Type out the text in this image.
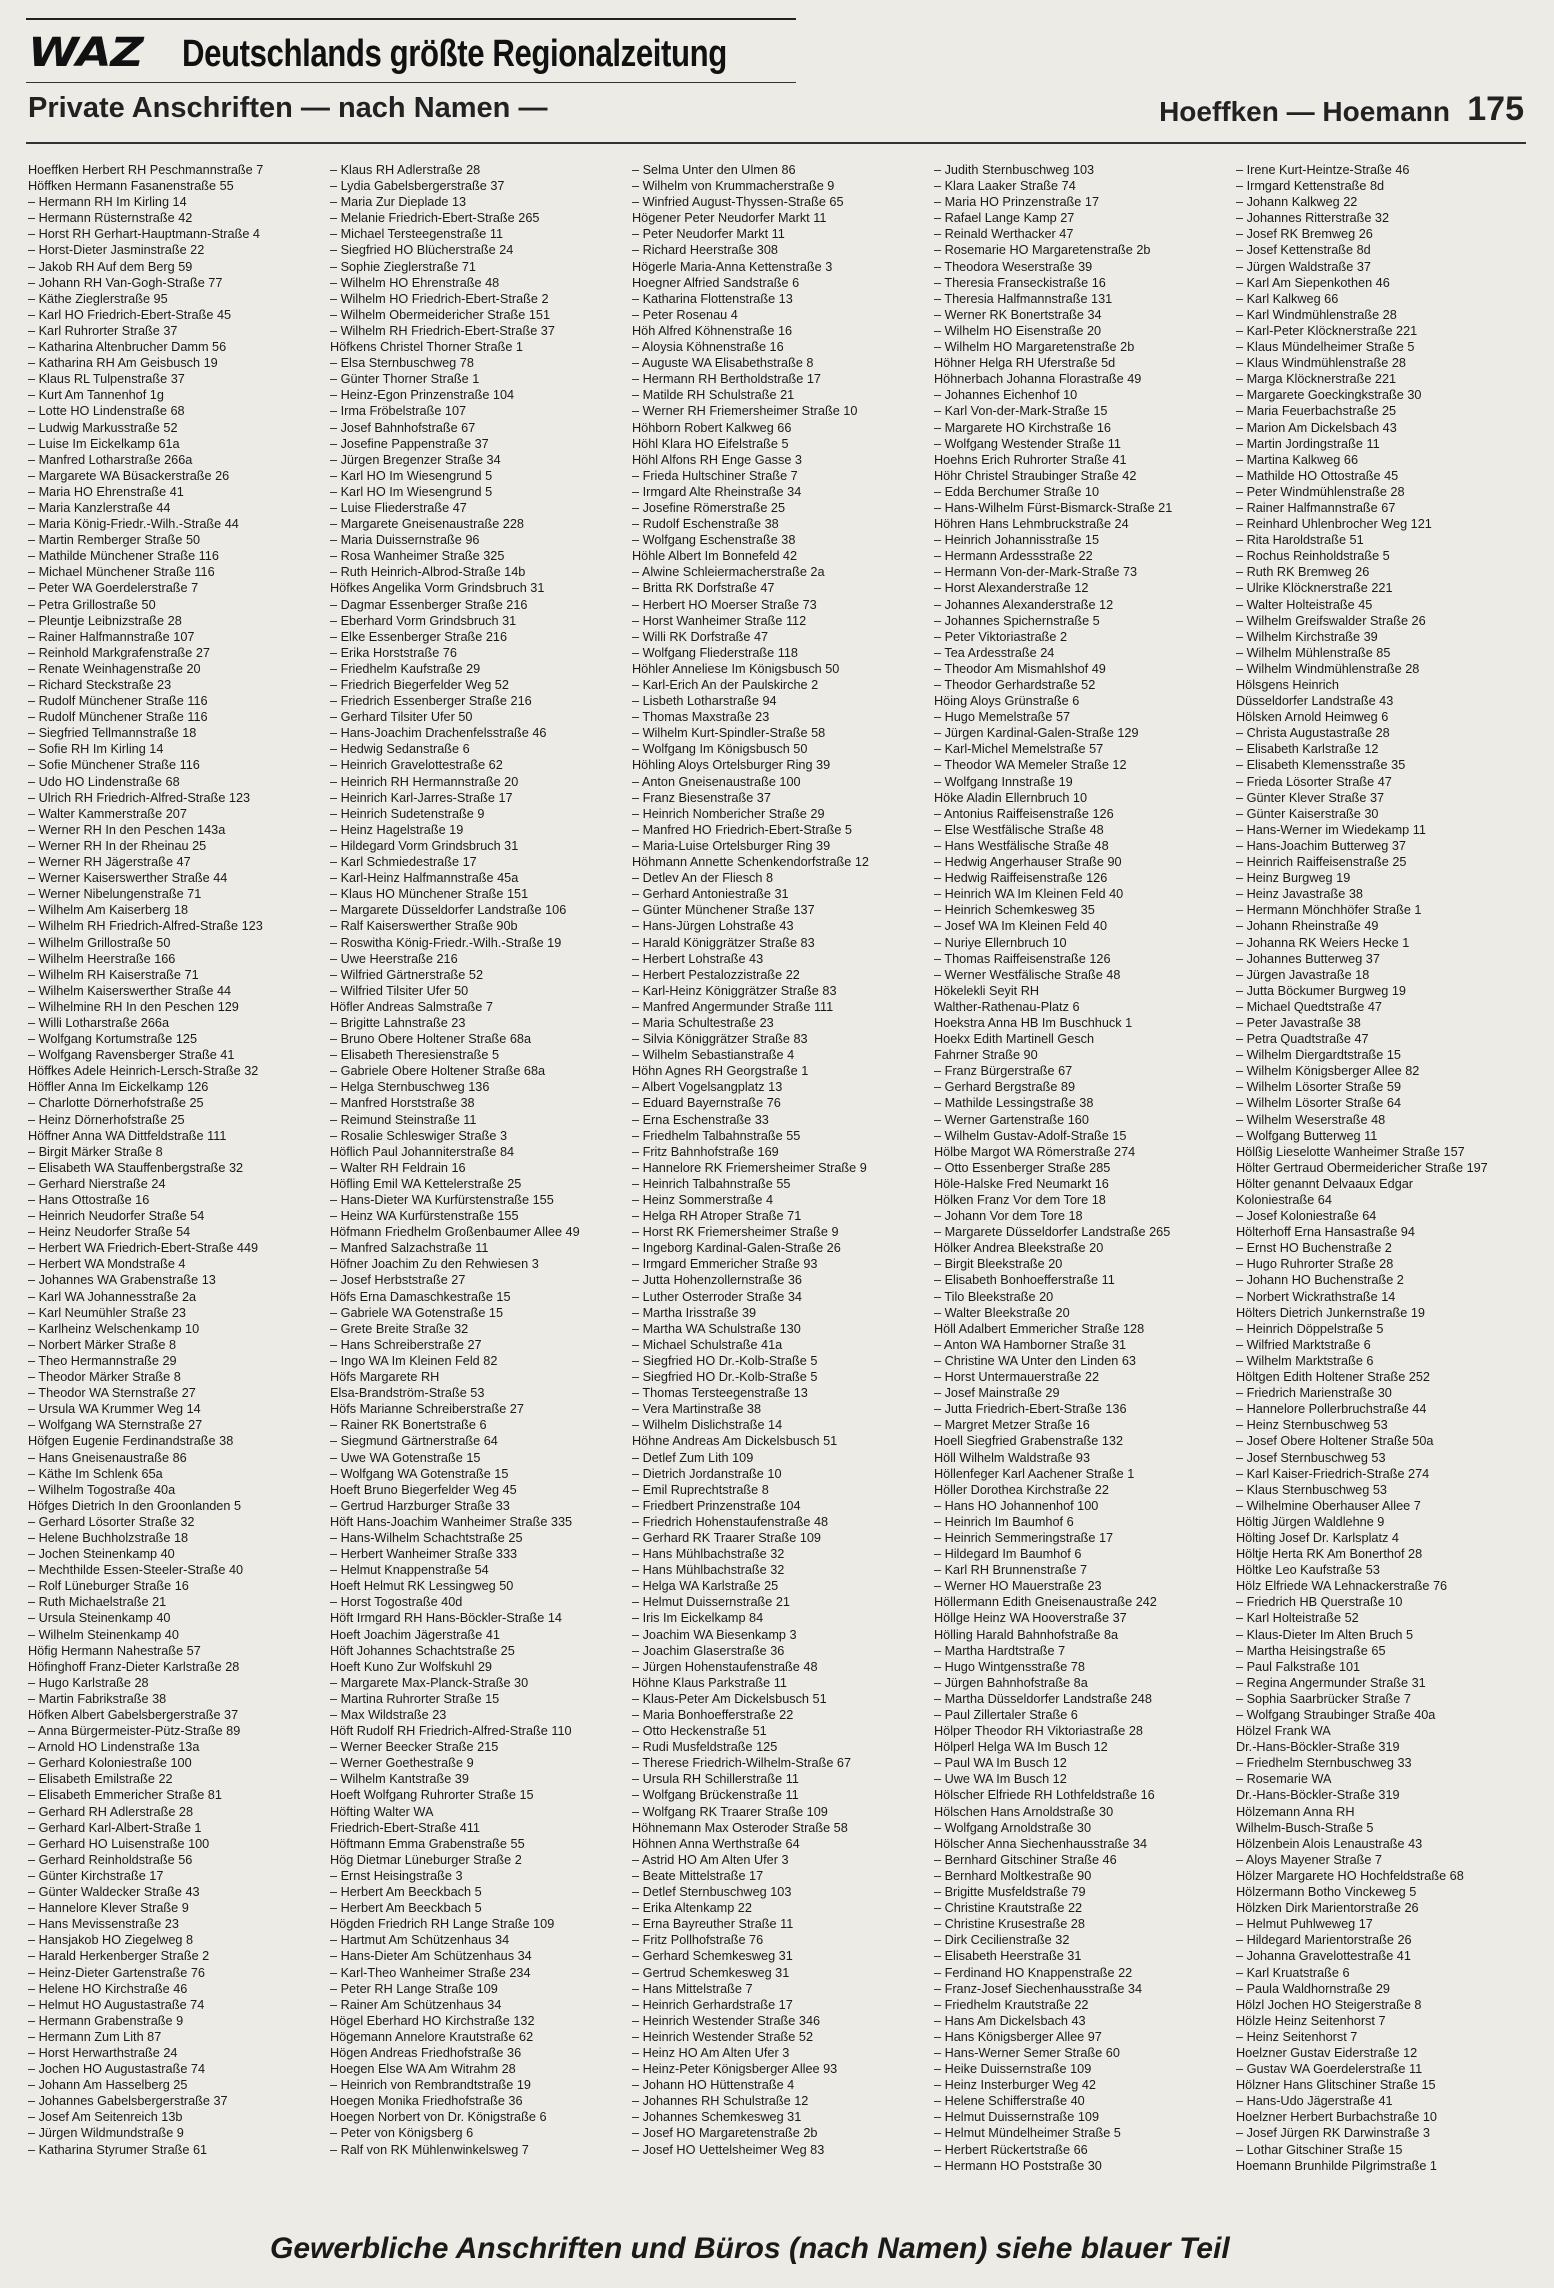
WAZ Deutschlands größte Regionalzeitung
Private Anschriften — nach Namen —	Hoeffken — Hoemann 175
Hoeffken Herbert RH Peschmannstraße 7
Höffken Hermann Fasanenstraße 55
– Hermann RH Im Kirling 14
– Hermann Rüsternstraße 42
– Horst RH Gerhart-Hauptmann-Straße 4
– Horst-Dieter Jasminstraße 22
– Jakob RH Auf dem Berg 59
– Johann RH Van-Gogh-Straße 77
– Käthe Zieglerstraße 95
– Karl HO Friedrich-Ebert-Straße 45
– Karl Ruhrorter Straße 37
– Katharina Altenbrucher Damm 56
– Katharina RH Am Geisbusch 19
– Klaus RL Tulpenstraße 37
– Kurt Am Tannenhof 1g
– Lotte HO Lindenstraße 68
– Ludwig Markusstraße 52
– Luise Im Eickelkamp 61a
– Manfred Lotharstraße 266a
– Margarete WA Büsackerstraße 26
– Maria HO Ehrenstraße 41
– Maria Kanzlerstraße 44
– Maria König-Friedr.-Wilh.-Straße 44
– Martin Remberger Straße 50
– Mathilde Münchener Straße 116
– Michael Münchener Straße 116
– Peter WA Goerdelerstraße 7
– Petra Grillostraße 50
– Pleuntje Leibnizstraße 28
– Rainer Halfmannstraße 107
– Reinhold Markgrafenstraße 27
– Renate Weinhagenstraße 20
– Richard Steckstraße 23
– Rudolf Münchener Straße 116
– Rudolf Münchener Straße 116
– Siegfried Tellmannstraße 18
– Sofie RH Im Kirling 14
– Sofie Münchener Straße 116
– Udo HO Lindenstraße 68
– Ulrich RH Friedrich-Alfred-Straße 123
– Walter Kammerstraße 207
– Werner RH In den Peschen 143a
– Werner RH In der Rheinau 25
– Werner RH Jägerstraße 47
– Werner Kaiserswerther Straße 44
– Werner Nibelungenstraße 71
– Wilhelm Am Kaiserberg 18
– Wilhelm RH Friedrich-Alfred-Straße 123
– Wilhelm Grillostraße 50
– Wilhelm Heerstraße 166
– Wilhelm RH Kaiserstraße 71
– Wilhelm Kaiserswerther Straße 44
– Wilhelmine RH In den Peschen 129
– Willi Lotharstraße 266a
– Wolfgang Kortumstraße 125
– Wolfgang Ravensberger Straße 41
Höffkes Adele Heinrich-Lersch-Straße 32
Höffler Anna Im Eickelkamp 126
– Charlotte Dörnerhofstraße 25
– Heinz Dörnerhofstraße 25
Höffner Anna WA Dittfeldstraße 111
– Birgit Märker Straße 8
– Elisabeth WA Stauffenbergstraße 32
– Gerhard Nierstraße 24
– Hans Ottostraße 16
– Heinrich Neudorfer Straße 54
– Heinz Neudorfer Straße 54
– Herbert WA Friedrich-Ebert-Straße 449
– Herbert WA Mondstraße 4
– Johannes WA Grabenstraße 13
– Karl WA Johannesstraße 2a
– Karl Neumühler Straße 23
– Karlheinz Welschenkamp 10
– Norbert Märker Straße 8
– Theo Hermannstraße 29
– Theodor Märker Straße 8
– Theodor WA Sternstraße 27
– Ursula WA Krummer Weg 14
– Wolfgang WA Sternstraße 27
Höfgen Eugenie Ferdinandstraße 38
– Hans Gneisenaustraße 86
– Käthe Im Schlenk 65a
– Wilhelm Togostraße 40a
Höfges Dietrich In den Groonlanden 5
– Gerhard Lösorter Straße 32
– Helene Buchholzstraße 18
– Jochen Steinenkamp 40
– Mechthilde Essen-Steeler-Straße 40
– Rolf Lüneburger Straße 16
– Ruth Michaelstraße 21
– Ursula Steinenkamp 40
– Wilhelm Steinenkamp 40
Höfig Hermann Nahestraße 57
Höfinghoff Franz-Dieter Karlstraße 28
– Hugo Karlstraße 28
– Martin Fabrikstraße 38
Höfken Albert Gabelsbergerstraße 37
– Anna Bürgermeister-Pütz-Straße 89
– Arnold HO Lindenstraße 13a
– Gerhard Koloniestraße 100
– Elisabeth Emilstraße 22
– Elisabeth Emmericher Straße 81
– Gerhard RH Adlerstraße 28
– Gerhard Karl-Albert-Straße 1
– Gerhard HO Luisenstraße 100
– Gerhard Reinholdstraße 56
– Günter Kirchstraße 17
– Günter Waldecker Straße 43
– Hannelore Klever Straße 9
– Hans Mevissenstraße 23
– Hansjakob HO Ziegelweg 8
– Harald Herkenberger Straße 2
– Heinz-Dieter Gartenstraße 76
– Helene HO Kirchstraße 46
– Helmut HO Augustastraße 74
– Hermann Grabenstraße 9
– Hermann Zum Lith 87
– Horst Herwarthstraße 24
– Jochen HO Augustastraße 74
– Johann Am Hasselberg 25
– Johannes Gabelsbergerstraße 37
– Josef Am Seitenreich 13b
– Jürgen Wildmundstraße 9
– Katharina Styrumer Straße 61
– Klaus RH Adlerstraße 28
– Lydia Gabelsbergerstraße 37
– Maria Zur Dieplade 13
– Melanie Friedrich-Ebert-Straße 265
– Michael Tersteegenstraße 11
– Siegfried HO Blücherstraße 24
– Sophie Zieglerstraße 71
– Wilhelm HO Ehrenstraße 48
– Wilhelm HO Friedrich-Ebert-Straße 2
– Wilhelm Obermeidericher Straße 151
– Wilhelm RH Friedrich-Ebert-Straße 37
Höfkens Christel Thorner Straße 1
– Elsa Sternbuschweg 78
– Günter Thorner Straße 1
– Heinz-Egon Prinzenstraße 104
– Irma Fröbelstraße 107
– Josef Bahnhofstraße 67
– Josefine Pappenstraße 37
– Jürgen Bregenzer Straße 34
– Karl HO Im Wiesengrund 5
– Karl HO Im Wiesengrund 5
– Luise Fliederstraße 47
– Margarete Gneisenaustraße 228
– Maria Duissernstraße 96
– Rosa Wanheimer Straße 325
– Ruth Heinrich-Albrod-Straße 14b
Höfkes Angelika Vorm Grindsbruch 31
– Dagmar Essenberger Straße 216
– Eberhard Vorm Grindsbruch 31
– Elke Essenberger Straße 216
– Erika Horststraße 76
– Friedhelm Kaufstraße 29
– Friedrich Biegerfelder Weg 52
– Friedrich Essenberger Straße 216
– Gerhard Tilsiter Ufer 50
– Hans-Joachim Drachenfelsstraße 46
– Hedwig Sedanstraße 6
– Heinrich Gravelottestraße 62
– Heinrich RH Hermannstraße 20
– Heinrich Karl-Jarres-Straße 17
– Heinrich Sudetenstraße 9
– Heinz Hagelstraße 19
– Hildegard Vorm Grindsbruch 31
– Karl Schmiedestraße 17
– Karl-Heinz Halfmannstraße 45a
– Klaus HO Münchener Straße 151
– Margarete Düsseldorfer Landstraße 106
– Ralf Kaiserswerther Straße 90b
– Roswitha König-Friedr.-Wilh.-Straße 19
– Uwe Heerstraße 216
– Wilfried Gärtnerstraße 52
– Wilfried Tilsiter Ufer 50
Höfler Andreas Salmstraße 7
– Brigitte Lahnstraße 23
– Bruno Obere Holtener Straße 68a
– Elisabeth Theresienstraße 5
– Gabriele Obere Holtener Straße 68a
– Helga Sternbuschweg 136
– Manfred Horststraße 38
– Reimund Steinstraße 11
– Rosalie Schleswiger Straße 3
Höflich Paul Johanniterstraße 84
– Walter RH Feldrain 16
Höfling Emil WA Kettelerstraße 25
– Hans-Dieter WA Kurfürstenstraße 155
– Heinz WA Kurfürstenstraße 155
Höfmann Friedhelm Großenbaumer Allee 49
– Manfred Salzachstraße 11
Höfner Joachim Zu den Rehwiesen 3
– Josef Herbststraße 27
Höfs Erna Damaschkestraße 15
– Gabriele WA Gotenstraße 15
– Grete Breite Straße 32
– Hans Schreiberstraße 27
– Ingo WA Im Kleinen Feld 82
Höfs Margarete RH
Elsa-Brandström-Straße 53
Höfs Marianne Schreiberstraße 27
– Rainer RK Bonertstraße 6
– Siegmund Gärtnerstraße 64
– Uwe WA Gotenstraße 15
– Wolfgang WA Gotenstraße 15
Hoeft Bruno Biegerfelder Weg 45
– Gertrud Harzburger Straße 33
Höft Hans-Joachim Wanheimer Straße 335
– Hans-Wilhelm Schachtstraße 25
– Herbert Wanheimer Straße 333
– Helmut Knappenstraße 54
Hoeft Helmut RK Lessingweg 50
– Horst Togostraße 40d
Höft Irmgard RH Hans-Böckler-Straße 14
Hoeft Joachim Jägerstraße 41
Höft Johannes Schachtstraße 25
Hoeft Kuno Zur Wolfskuhl 29
– Margarete Max-Planck-Straße 30
– Martina Ruhrorter Straße 15
– Max Wildstraße 23
Höft Rudolf RH Friedrich-Alfred-Straße 110
– Werner Beecker Straße 215
– Werner Goethestraße 9
– Wilhelm Kantstraße 39
Hoeft Wolfgang Ruhrorter Straße 15
Höfting Walter WA
Friedrich-Ebert-Straße 411
Höftmann Emma Grabenstraße 55
Hög Dietmar Lüneburger Straße 2
– Ernst Heisingstraße 3
– Herbert Am Beeckbach 5
– Herbert Am Beeckbach 5
Högden Friedrich RH Lange Straße 109
– Hartmut Am Schützenhaus 34
– Hans-Dieter Am Schützenhaus 34
– Karl-Theo Wanheimer Straße 234
– Peter RH Lange Straße 109
– Rainer Am Schützenhaus 34
Högel Eberhard HO Kirchstraße 132
Högemann Annelore Krautstraße 62
Högen Andreas Friedhofstraße 36
Hoegen Else WA Am Witrahm 28
– Heinrich von Rembrandtstraße 19
Hoegen Monika Friedhofstraße 36
Hoegen Norbert von Dr. Königstraße 6
– Peter von Königsberg 6
– Ralf von RK Mühlenwinkelsweg 7
– Selma Unter den Ulmen 86
– Wilhelm von Krummacherstraße 9
– Winfried August-Thyssen-Straße 65
Högener Peter Neudorfer Markt 11
– Peter Neudorfer Markt 11
– Richard Heerstraße 308
Högerle Maria-Anna Kettenstraße 3
Hoegner Alfried Sandstraße 6
– Katharina Flottenstraße 13
– Peter Rosenau 4
Höh Alfred Köhnenstraße 16
– Aloysia Köhnenstraße 16
– Auguste WA Elisabethstraße 8
– Hermann RH Bertholdstraße 17
– Matilde RH Schulstraße 21
– Werner RH Friemersheimer Straße 10
Höhborn Robert Kalkweg 66
Höhl Klara HO Eifelstraße 5
Höhl Alfons RH Enge Gasse 3
– Frieda Hultschiner Straße 7
– Irmgard Alte Rheinstraße 34
– Josefine Römerstraße 25
– Rudolf Eschenstraße 38
– Wolfgang Eschenstraße 38
Höhle Albert Im Bonnefeld 42
– Alwine Schleiermacherstraße 2a
– Britta RK Dorfstraße 47
– Herbert HO Moerser Straße 73
– Horst Wanheimer Straße 112
– Willi RK Dorfstraße 47
– Wolfgang Fliederstraße 118
Höhler Anneliese Im Königsbusch 50
– Karl-Erich An der Paulskirche 2
– Lisbeth Lotharstraße 94
– Thomas Maxstraße 23
– Wilhelm Kurt-Spindler-Straße 58
– Wolfgang Im Königsbusch 50
Höhling Aloys Ortelsburger Ring 39
– Anton Gneisenaustraße 100
– Franz Biesenstraße 37
– Heinrich Nombericher Straße 29
– Manfred HO Friedrich-Ebert-Straße 5
– Maria-Luise Ortelsburger Ring 39
Höhmann Annette Schenkendorfstraße 12
– Detlev An der Fliesch 8
– Gerhard Antoniestraße 31
– Günter Münchener Straße 137
– Hans-Jürgen Lohstraße 43
– Harald Königgrätzer Straße 83
– Herbert Lohstraße 43
– Herbert Pestalozzistraße 22
– Karl-Heinz Königgrätzer Straße 83
– Manfred Angermunder Straße 111
– Maria Schultestraße 23
– Silvia Königgrätzer Straße 83
– Wilhelm Sebastianstraße 4
Höhn Agnes RH Georgstraße 1
– Albert Vogelsangplatz 13
– Eduard Bayernstraße 76
– Erna Eschenstraße 33
– Friedhelm Talbahnstraße 55
– Fritz Bahnhofstraße 169
– Hannelore RK Friemersheimer Straße 9
– Heinrich Talbahnstraße 55
– Heinz Sommerstraße 4
– Helga RH Atroper Straße 71
– Horst RK Friemersheimer Straße 9
– Ingeborg Kardinal-Galen-Straße 26
– Irmgard Emmericher Straße 93
– Jutta Hohenzollernstraße 36
– Luther Osterroder Straße 34
– Martha Irisstraße 39
– Martha WA Schulstraße 130
– Michael Schulstraße 41a
– Siegfried HO Dr.-Kolb-Straße 5
– Siegfried HO Dr.-Kolb-Straße 5
– Thomas Tersteegenstraße 13
– Vera Martinstraße 38
– Wilhelm Dislichstraße 14
Höhne Andreas Am Dickelsbusch 51
– Detlef Zum Lith 109
– Dietrich Jordanstraße 10
– Emil Ruprechtstraße 8
– Friedbert Prinzenstraße 104
– Friedrich Hohenstaufenstraße 48
– Gerhard RK Traarer Straße 109
– Hans Mühlbachstraße 32
– Hans Mühlbachstraße 32
– Helga WA Karlstraße 25
– Helmut Duissernstraße 21
– Iris Im Eickelkamp 84
– Joachim WA Biesenkamp 3
– Joachim Glaserstraße 36
– Jürgen Hohenstaufenstraße 48
Höhne Klaus Parkstraße 11
– Klaus-Peter Am Dickelsbusch 51
– Maria Bonhoefferstraße 22
– Otto Heckenstraße 51
– Rudi Musfeldstraße 125
– Therese Friedrich-Wilhelm-Straße 67
– Ursula RH Schillerstraße 11
– Wolfgang Brückenstraße 11
– Wolfgang RK Traarer Straße 109
Höhnemann Max Osteroder Straße 58
Höhnen Anna Werthstraße 64
– Astrid HO Am Alten Ufer 3
– Beate Mittelstraße 17
– Detlef Sternbuschweg 103
– Erika Altenkamp 22
– Erna Bayreuther Straße 11
– Fritz Pollhofstraße 76
– Gerhard Schemkesweg 31
– Gertrud Schemkesweg 31
– Hans Mittelstraße 7
– Heinrich Gerhardstraße 17
– Heinrich Westender Straße 346
– Heinrich Westender Straße 52
– Heinz HO Am Alten Ufer 3
– Heinz-Peter Königsberger Allee 93
– Johann HO Hüttenstraße 4
– Johannes RH Schulstraße 12
– Johannes Schemkesweg 31
– Josef HO Margaretenstraße 2b
– Josef HO Uettelsheimer Weg 83
– Judith Sternbuschweg 103
– Klara Laaker Straße 74
– Maria HO Prinzenstraße 17
– Rafael Lange Kamp 27
– Reinald Werthacker 47
– Rosemarie HO Margaretenstraße 2b
– Theodora Weserstraße 39
– Theresia Franseckistraße 16
– Theresia Halfmannstraße 131
– Werner RK Bonertstraße 34
– Wilhelm HO Eisenstraße 20
– Wilhelm HO Margaretenstraße 2b
Höhner Helga RH Uferstraße 5d
Höhnerbach Johanna Florastraße 49
– Johannes Eichenhof 10
– Karl Von-der-Mark-Straße 15
– Margarete HO Kirchstraße 16
– Wolfgang Westender Straße 11
Hoehns Erich Ruhrorter Straße 41
Höhr Christel Straubinger Straße 42
– Edda Berchumer Straße 10
– Hans-Wilhelm Fürst-Bismarck-Straße 21
Höhren Hans Lehmbruckstraße 24
– Heinrich Johannisstraße 15
– Hermann Ardessstraße 22
– Hermann Von-der-Mark-Straße 73
– Horst Alexanderstraße 12
– Johannes Alexanderstraße 12
– Johannes Spichernstraße 5
– Peter Viktoriastraße 2
– Tea Ardesstraße 24
– Theodor Am Mismahlshof 49
– Theodor Gerhardstraße 52
Höing Aloys Grünstraße 6
– Hugo Memelstraße 57
– Jürgen Kardinal-Galen-Straße 129
– Karl-Michel Memelstraße 57
– Theodor WA Memeler Straße 12
– Wolfgang Innstraße 19
Höke Aladin Ellernbruch 10
– Antonius Raiffeisenstraße 126
– Else Westfälische Straße 48
– Hans Westfälische Straße 48
– Hedwig Angerhauser Straße 90
– Hedwig Raiffeisenstraße 126
– Heinrich WA Im Kleinen Feld 40
– Heinrich Schemkesweg 35
– Josef WA Im Kleinen Feld 40
– Nuriye Ellernbruch 10
– Thomas Raiffeisenstraße 126
– Werner Westfälische Straße 48
Hökelekli Seyit RH
Walther-Rathenau-Platz 6
Hoekstra Anna HB Im Buschhuck 1
Hoekx Edith Martinell Gesch
Fahrner Straße 90
– Franz Bürgerstraße 67
– Gerhard Bergstraße 89
– Mathilde Lessingstraße 38
– Werner Gartenstraße 160
– Wilhelm Gustav-Adolf-Straße 15
Hölbe Margot WA Römerstraße 274
– Otto Essenberger Straße 285
Höle-Halske Fred Neumarkt 16
Hölken Franz Vor dem Tore 18
– Johann Vor dem Tore 18
– Margarete Düsseldorfer Landstraße 265
Hölker Andrea Bleekstraße 20
– Birgit Bleekstraße 20
– Elisabeth Bonhoefferstraße 11
– Tilo Bleekstraße 20
– Walter Bleekstraße 20
Höll Adalbert Emmericher Straße 128
– Anton WA Hamborner Straße 31
– Christine WA Unter den Linden 63
– Horst Untermauerstraße 22
– Josef Mainstraße 29
– Jutta Friedrich-Ebert-Straße 136
– Margret Metzer Straße 16
Hoell Siegfried Grabenstraße 132
Höll Wilhelm Waldstraße 93
Höllenfeger Karl Aachener Straße 1
Höller Dorothea Kirchstraße 22
– Hans HO Johannenhof 100
– Heinrich Im Baumhof 6
– Heinrich Semmeringstraße 17
– Hildegard Im Baumhof 6
– Karl RH Brunnenstraße 7
– Werner HO Mauerstraße 23
Höllermann Edith Gneisenaustraße 242
Höllge Heinz WA Hooverstraße 37
Hölling Harald Bahnhofstraße 8a
– Martha Hardtstraße 7
– Hugo Wintgensstraße 78
– Jürgen Bahnhofstraße 8a
– Martha Düsseldorfer Landstraße 248
– Paul Zillertaler Straße 6
Hölper Theodor RH Viktoriastraße 28
Hölperl Helga WA Im Busch 12
– Paul WA Im Busch 12
– Uwe WA Im Busch 12
Hölscher Elfriede RH Lothfeldstraße 16
Hölschen Hans Arnoldstraße 30
– Wolfgang Arnoldstraße 30
Hölscher Anna Siechenhausstraße 34
– Bernhard Gitschiner Straße 46
– Bernhard Moltkestraße 90
– Brigitte Musfeldstraße 79
– Christine Krautstraße 22
– Christine Krusestraße 28
– Dirk Cecilienstraße 32
– Elisabeth Heerstraße 31
– Ferdinand HO Knappenstraße 22
– Franz-Josef Siechenhausstraße 34
– Friedhelm Krautstraße 22
– Hans Am Dickelsbach 43
– Hans Königsberger Allee 97
– Hans-Werner Semer Straße 60
– Heike Duissernstraße 109
– Heinz Insterburger Weg 42
– Helene Schifferstraße 40
– Helmut Duissernstraße 109
– Helmut Mündelheimer Straße 5
– Herbert Rückertstraße 66
– Hermann HO Poststraße 30
– Irene Kurt-Heintze-Straße 46
– Irmgard Kettenstraße 8d
– Johann Kalkweg 22
– Johannes Ritterstraße 32
– Josef RK Bremweg 26
– Josef Kettenstraße 8d
– Jürgen Waldstraße 37
– Karl Am Siepenkothen 46
– Karl Kalkweg 66
– Karl Windmühlenstraße 28
– Karl-Peter Klöcknerstraße 221
– Klaus Mündelheimer Straße 5
– Klaus Windmühlenstraße 28
– Marga Klöcknerstraße 221
– Margarete Goeckingkstraße 30
– Maria Feuerbachstraße 25
– Marion Am Dickelsbach 43
– Martin Jordingstraße 11
– Martina Kalkweg 66
– Mathilde HO Ottostraße 45
– Peter Windmühlenstraße 28
– Rainer Halfmannstraße 67
– Reinhard Uhlenbrocher Weg 121
– Rita Haroldstraße 51
– Rochus Reinholdstraße 5
– Ruth RK Bremweg 26
– Ulrike Klöcknerstraße 221
– Walter Holteistraße 45
– Wilhelm Greifswalder Straße 26
– Wilhelm Kirchstraße 39
– Wilhelm Mühlenstraße 85
– Wilhelm Windmühlenstraße 28
Hölsgens Heinrich
Düsseldorfer Landstraße 43
Hölsken Arnold Heimweg 6
– Christa Augustastraße 28
– Elisabeth Karlstraße 12
– Elisabeth Klemensstraße 35
– Frieda Lösorter Straße 47
– Günter Klever Straße 37
– Günter Kaiserstraße 30
– Hans-Werner im Wiedekamp 11
– Hans-Joachim Butterweg 37
– Heinrich Raiffeisenstraße 25
– Heinz Burgweg 19
– Heinz Javastraße 38
– Hermann Mönchhöfer Straße 1
– Johann Rheinstraße 49
– Johanna RK Weiers Hecke 1
– Johannes Butterweg 37
– Jürgen Javastraße 18
– Jutta Böckumer Burgweg 19
– Michael Quedtstraße 47
– Peter Javastraße 38
– Petra Quadtstraße 47
– Wilhelm Diergardtstraße 15
– Wilhelm Königsberger Allee 82
– Wilhelm Lösorter Straße 59
– Wilhelm Lösorter Straße 64
– Wilhelm Weserstraße 48
– Wolfgang Butterweg 11
Hölßig Lieselotte Wanheimer Straße 157
Hölter Gertraud Obermeidericher Straße 197
Hölter genannt Delvaaux Edgar
Koloniestraße 64
– Josef Koloniestraße 64
Hölterhoff Erna Hansastraße 94
– Ernst HO Buchenstraße 2
– Hugo Ruhrorter Straße 28
– Johann HO Buchenstraße 2
– Norbert Wickrathstraße 14
Hölters Dietrich Junkernstraße 19
– Heinrich Döppelstraße 5
– Wilfried Marktstraße 6
– Wilhelm Marktstraße 6
Höltgen Edith Holtener Straße 252
– Friedrich Marienstraße 30
– Hannelore Pollerbruchstraße 44
– Heinz Sternbuschweg 53
– Josef Obere Holtener Straße 50a
– Josef Sternbuschweg 53
– Karl Kaiser-Friedrich-Straße 274
– Klaus Sternbuschweg 53
– Wilhelmine Oberhauser Allee 7
Höltig Jürgen Waldlehne 9
Hölting Josef Dr. Karlsplatz 4
Höltje Herta RK Am Bonerthof 28
Höltke Leo Kaufstraße 53
Hölz Elfriede WA Lehnackerstraße 76
– Friedrich HB Querstraße 10
– Karl Holteistraße 52
– Klaus-Dieter Im Alten Bruch 5
– Martha Heisingstraße 65
– Paul Falkstraße 101
– Regina Angermunder Straße 31
– Sophia Saarbrücker Straße 7
– Wolfgang Straubinger Straße 40a
Hölzel Frank WA
Dr.-Hans-Böckler-Straße 319
– Friedhelm Sternbuschweg 33
– Rosemarie WA
Dr.-Hans-Böckler-Straße 319
Hölzemann Anna RH
Wilhelm-Busch-Straße 5
Hölzenbein Alois Lenaustraße 43
– Aloys Mayener Straße 7
Hölzer Margarete HO Hochfeldstraße 68
Hölzermann Botho Vinckeweg 5
Hölzken Dirk Marientorstraße 26
– Helmut Puhlweweg 17
– Hildegard Marientorstraße 26
– Johanna Gravelottestraße 41
– Karl Kruatstraße 6
– Paula Waldhornstraße 29
Hölzl Jochen HO Steigerstraße 8
Hölzle Heinz Seitenhorst 7
– Heinz Seitenhorst 7
Hoelzner Gustav Eiderstraße 12
– Gustav WA Goerdelerstraße 11
Hölzner Hans Glitschiner Straße 15
– Hans-Udo Jägerstraße 41
Hoelzner Herbert Burbachstraße 10
– Josef Jürgen RK Darwinstraße 3
– Lothar Gitschiner Straße 15
Hoemann Brunhilde Pilgrimstraße 1
Gewerbliche Anschriften und Büros (nach Namen) siehe blauer Teil
